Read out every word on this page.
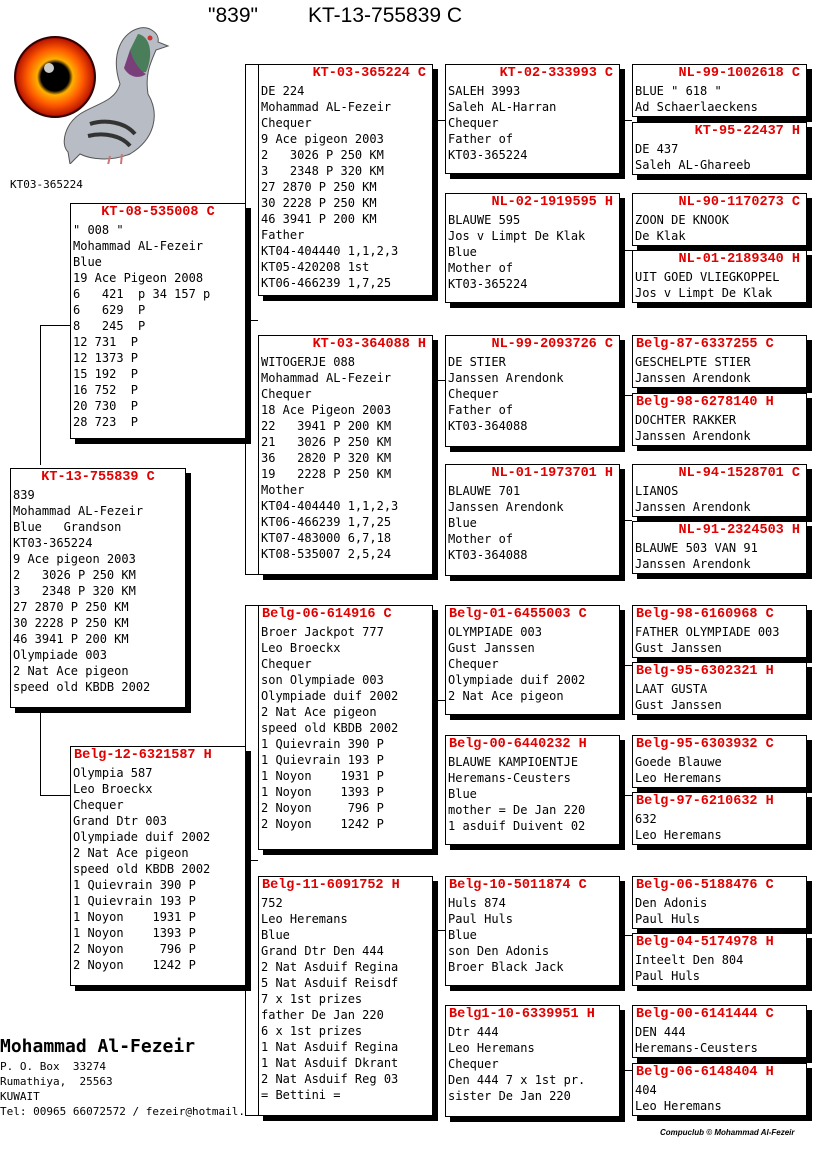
"839" KT-13-755839 C
KT03-365224
KT-13-755839 C
839
Mohammad AL-Fezeir
Blue   Grandson
KT03-365224
9 Ace pigeon 2003
2   3026 P 250 KM
3   2348 P 320 KM
27 2870 P 250 KM
30 2228 P 250 KM
46 3941 P 200 KM
Olympiade 003
2 Nat Ace pigeon
speed old KBDB 2002
KT-08-535008 C
" 008 "
Mohammad AL-Fezeir
Blue
19 Ace Pigeon 2008
6   421  p 34 157 p
6   629  P
8   245  P
12 731  P
12 1373 P
15 192  P
16 752  P
20 730  P
28 723  P
Belg-12-6321587 H
Olympia 587
Leo Broeckx
Chequer
Grand Dtr 003
Olympiade duif 2002
2 Nat Ace pigeon
speed old KBDB 2002
1 Quievrain 390 P
1 Quievrain 193 P
1 Noyon    1931 P
1 Noyon    1393 P
2 Noyon     796 P
2 Noyon    1242 P
KT-03-365224 C
DE 224
Mohammad AL-Fezeir
Chequer
9 Ace pigeon 2003
2   3026 P 250 KM
3   2348 P 320 KM
27 2870 P 250 KM
30 2228 P 250 KM
46 3941 P 200 KM
Father
KT04-404440 1,1,2,3
KT05-420208 1st
KT06-466239 1,7,25
KT-03-364088 H
WITOGERJE 088
Mohammad AL-Fezeir
Chequer
18 Ace Pigeon 2003
22   3941 P 200 KM
21   3026 P 250 KM
36   2820 P 320 KM
19   2228 P 250 KM
Mother
KT04-404440 1,1,2,3
KT06-466239 1,7,25
KT07-483000 6,7,18
KT08-535007 2,5,24
Belg-06-614916 C
Broer Jackpot 777
Leo Broeckx
Chequer
son Olympiade 003
Olympiade duif 2002
2 Nat Ace pigeon
speed old KBDB 2002
1 Quievrain 390 P
1 Quievrain 193 P
1 Noyon    1931 P
1 Noyon    1393 P
2 Noyon     796 P
2 Noyon    1242 P
Belg-11-6091752 H
752
Leo Heremans
Blue
Grand Dtr Den 444
2 Nat Asduif Regina
5 Nat Asduif Reisdf
7 x 1st prizes
father De Jan 220
6 x 1st prizes
1 Nat Asduif Regina
1 Nat Asduif Dkrant
2 Nat Asduif Reg 03
= Bettini =
KT-02-333993 C
SALEH 3993
Saleh AL-Harran
Chequer
Father of
KT03-365224
NL-02-1919595 H
BLAUWE 595
Jos v Limpt De Klak
Blue
Mother of
KT03-365224
NL-99-2093726 C
DE STIER
Janssen Arendonk
Chequer
Father of
KT03-364088
NL-01-1973701 H
BLAUWE 701
Janssen Arendonk
Blue
Mother of
KT03-364088
Belg-01-6455003 C
OLYMPIADE 003
Gust Janssen
Chequer
Olympiade duif 2002
2 Nat Ace pigeon
Belg-00-6440232 H
BLAUWE KAMPIOENTJE
Heremans-Ceusters
Blue
mother = De Jan 220
1 asduif Duivent 02
Belg-10-5011874 C
Huls 874
Paul Huls
Blue
son Den Adonis
Broer Black Jack
Belg1-10-6339951 H
Dtr 444
Leo Heremans
Chequer
Den 444 7 x 1st pr.
sister De Jan 220
NL-99-1002618 C
BLUE " 618 "
Ad Schaerlaeckens
KT-95-22437 H
DE 437
Saleh AL-Ghareeb
NL-90-1170273 C
ZOON DE KNOOK
De Klak
NL-01-2189340 H
UIT GOED VLIEGKOPPEL
Jos v Limpt De Klak
Belg-87-6337255 C
GESCHELPTE STIER
Janssen Arendonk
Belg-98-6278140 H
DOCHTER RAKKER
Janssen Arendonk
NL-94-1528701 C
LIANOS
Janssen Arendonk
NL-91-2324503 H
BLAUWE 503 VAN 91
Janssen Arendonk
Belg-98-6160968 C
FATHER OLYMPIADE 003
Gust Janssen
Belg-95-6302321 H
LAAT GUSTA
Gust Janssen
Belg-95-6303932 C
Goede Blauwe
Leo Heremans
Belg-97-6210632 H
632
Leo Heremans
Belg-06-5188476 C
Den Adonis
Paul Huls
Belg-04-5174978 H
Inteelt Den 804
Paul Huls
Belg-00-6141444 C
DEN 444
Heremans-Ceusters
Belg-06-6148404 H
404
Leo Heremans
Mohammad Al-Fezeir
P. O. Box  33274
Rumathiya,  25563
KUWAIT
Tel: 00965 66072572 / fezeir@hotmail.
Compuclub © Mohammad Al-Fezeir
